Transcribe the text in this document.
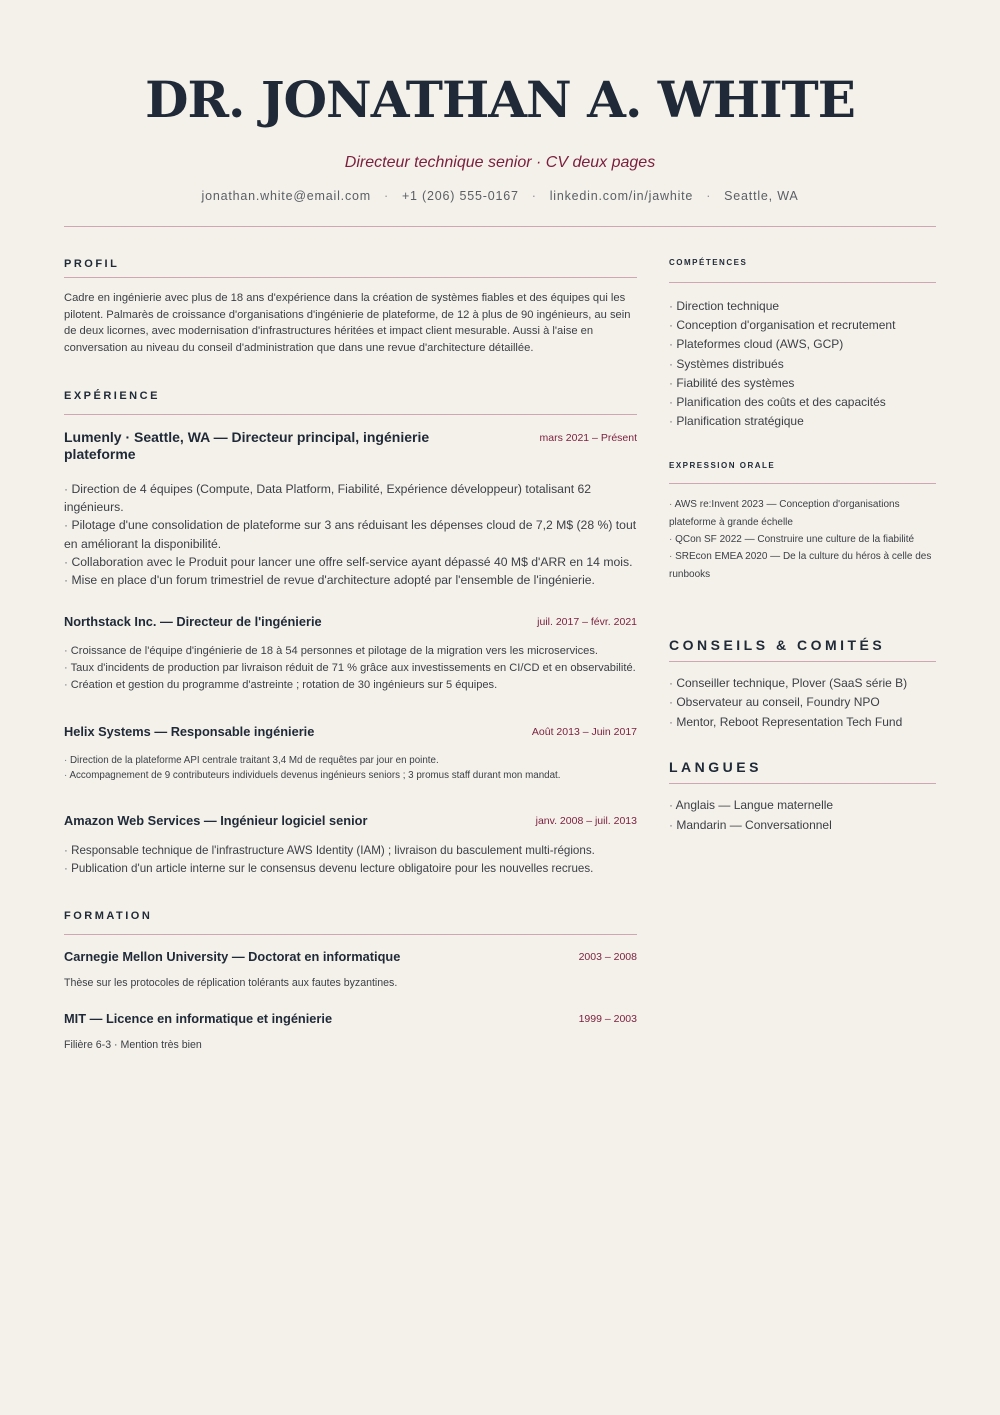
DR. JONATHAN A. WHITE
Directeur technique senior · CV deux pages
jonathan.white@email.com · +1 (206) 555-0167 · linkedin.com/in/jawhite · Seattle, WA
PROFIL

Cadre en ingénierie avec plus de 18 ans d'expérience dans la création de systèmes fiables et des équipes qui les pilotent. Palmarès de croissance d'organisations d'ingénierie de plateforme, de 12 à plus de 90 ingénieurs, au sein de deux licornes, avec modernisation d'infrastructures héritées et impact client mesurable. Aussi à l'aise en conversation au niveau du conseil d'administration que dans une revue d'architecture détaillée.

EXPÉRIENCE
Lumenly · Seattle, WA — Directeur principal, ingénierie plateforme
mars 2021 – Présent
· Direction de 4 équipes (Compute, Data Platform, Fiabilité, Expérience développeur) totalisant 62 ingénieurs.
· Pilotage d'une consolidation de plateforme sur 3 ans réduisant les dépenses cloud de 7,2 M$ (28 %) tout en améliorant la disponibilité.
· Collaboration avec le Produit pour lancer une offre self-service ayant dépassé 40 M$ d'ARR en 14 mois.
· Mise en place d'un forum trimestriel de revue d'architecture adopté par l'ensemble de l'ingénierie.
Northstack Inc. — Directeur de l'ingénierie	juil. 2017 – févr. 2021
· Croissance de l'équipe d'ingénierie de 18 à 54 personnes et pilotage de la migration vers les microservices.
· Taux d'incidents de production par livraison réduit de 71 % grâce aux investissements en CI/CD et en observabilité.
· Création et gestion du programme d'astreinte ; rotation de 30 ingénieurs sur 5 équipes.
Helix Systems — Responsable ingénierie	Août 2013 – Juin 2017
· Direction de la plateforme API centrale traitant 3,4 Md de requêtes par jour en pointe.
· Accompagnement de 9 contributeurs individuels devenus ingénieurs seniors ; 3 promus staff durant mon mandat.
Amazon Web Services — Ingénieur logiciel senior	janv. 2008 – juil. 2013
· Responsable technique de l'infrastructure AWS Identity (IAM) ; livraison du basculement multi-régions.
· Publication d'un article interne sur le consensus devenu lecture obligatoire pour les nouvelles recrues.
FORMATION
Carnegie Mellon University — Doctorat en informatique	2003 – 2008

Thèse sur les protocoles de réplication tolérants aux fautes byzantines.

MIT — Licence en informatique et ingénierie	1999 – 2003

Filière 6-3 · Mention très bien

COMPÉTENCES
· Direction technique
· Conception d'organisation et recrutement
· Plateformes cloud (AWS, GCP)
· Systèmes distribués
· Fiabilité des systèmes
· Planification des coûts et des capacités
· Planification stratégique
EXPRESSION ORALE
· AWS re:Invent 2023 — Conception d'organisations plateforme à grande échelle
· QCon SF 2022 — Construire une culture de la fiabilité
· SREcon EMEA 2020 — De la culture du héros à celle des runbooks
CONSEILS & COMITÉS
· Conseiller technique, Plover (SaaS série B)
· Observateur au conseil, Foundry NPO
· Mentor, Reboot Representation Tech Fund
LANGUES
· Anglais — Langue maternelle
· Mandarin — Conversationnel
